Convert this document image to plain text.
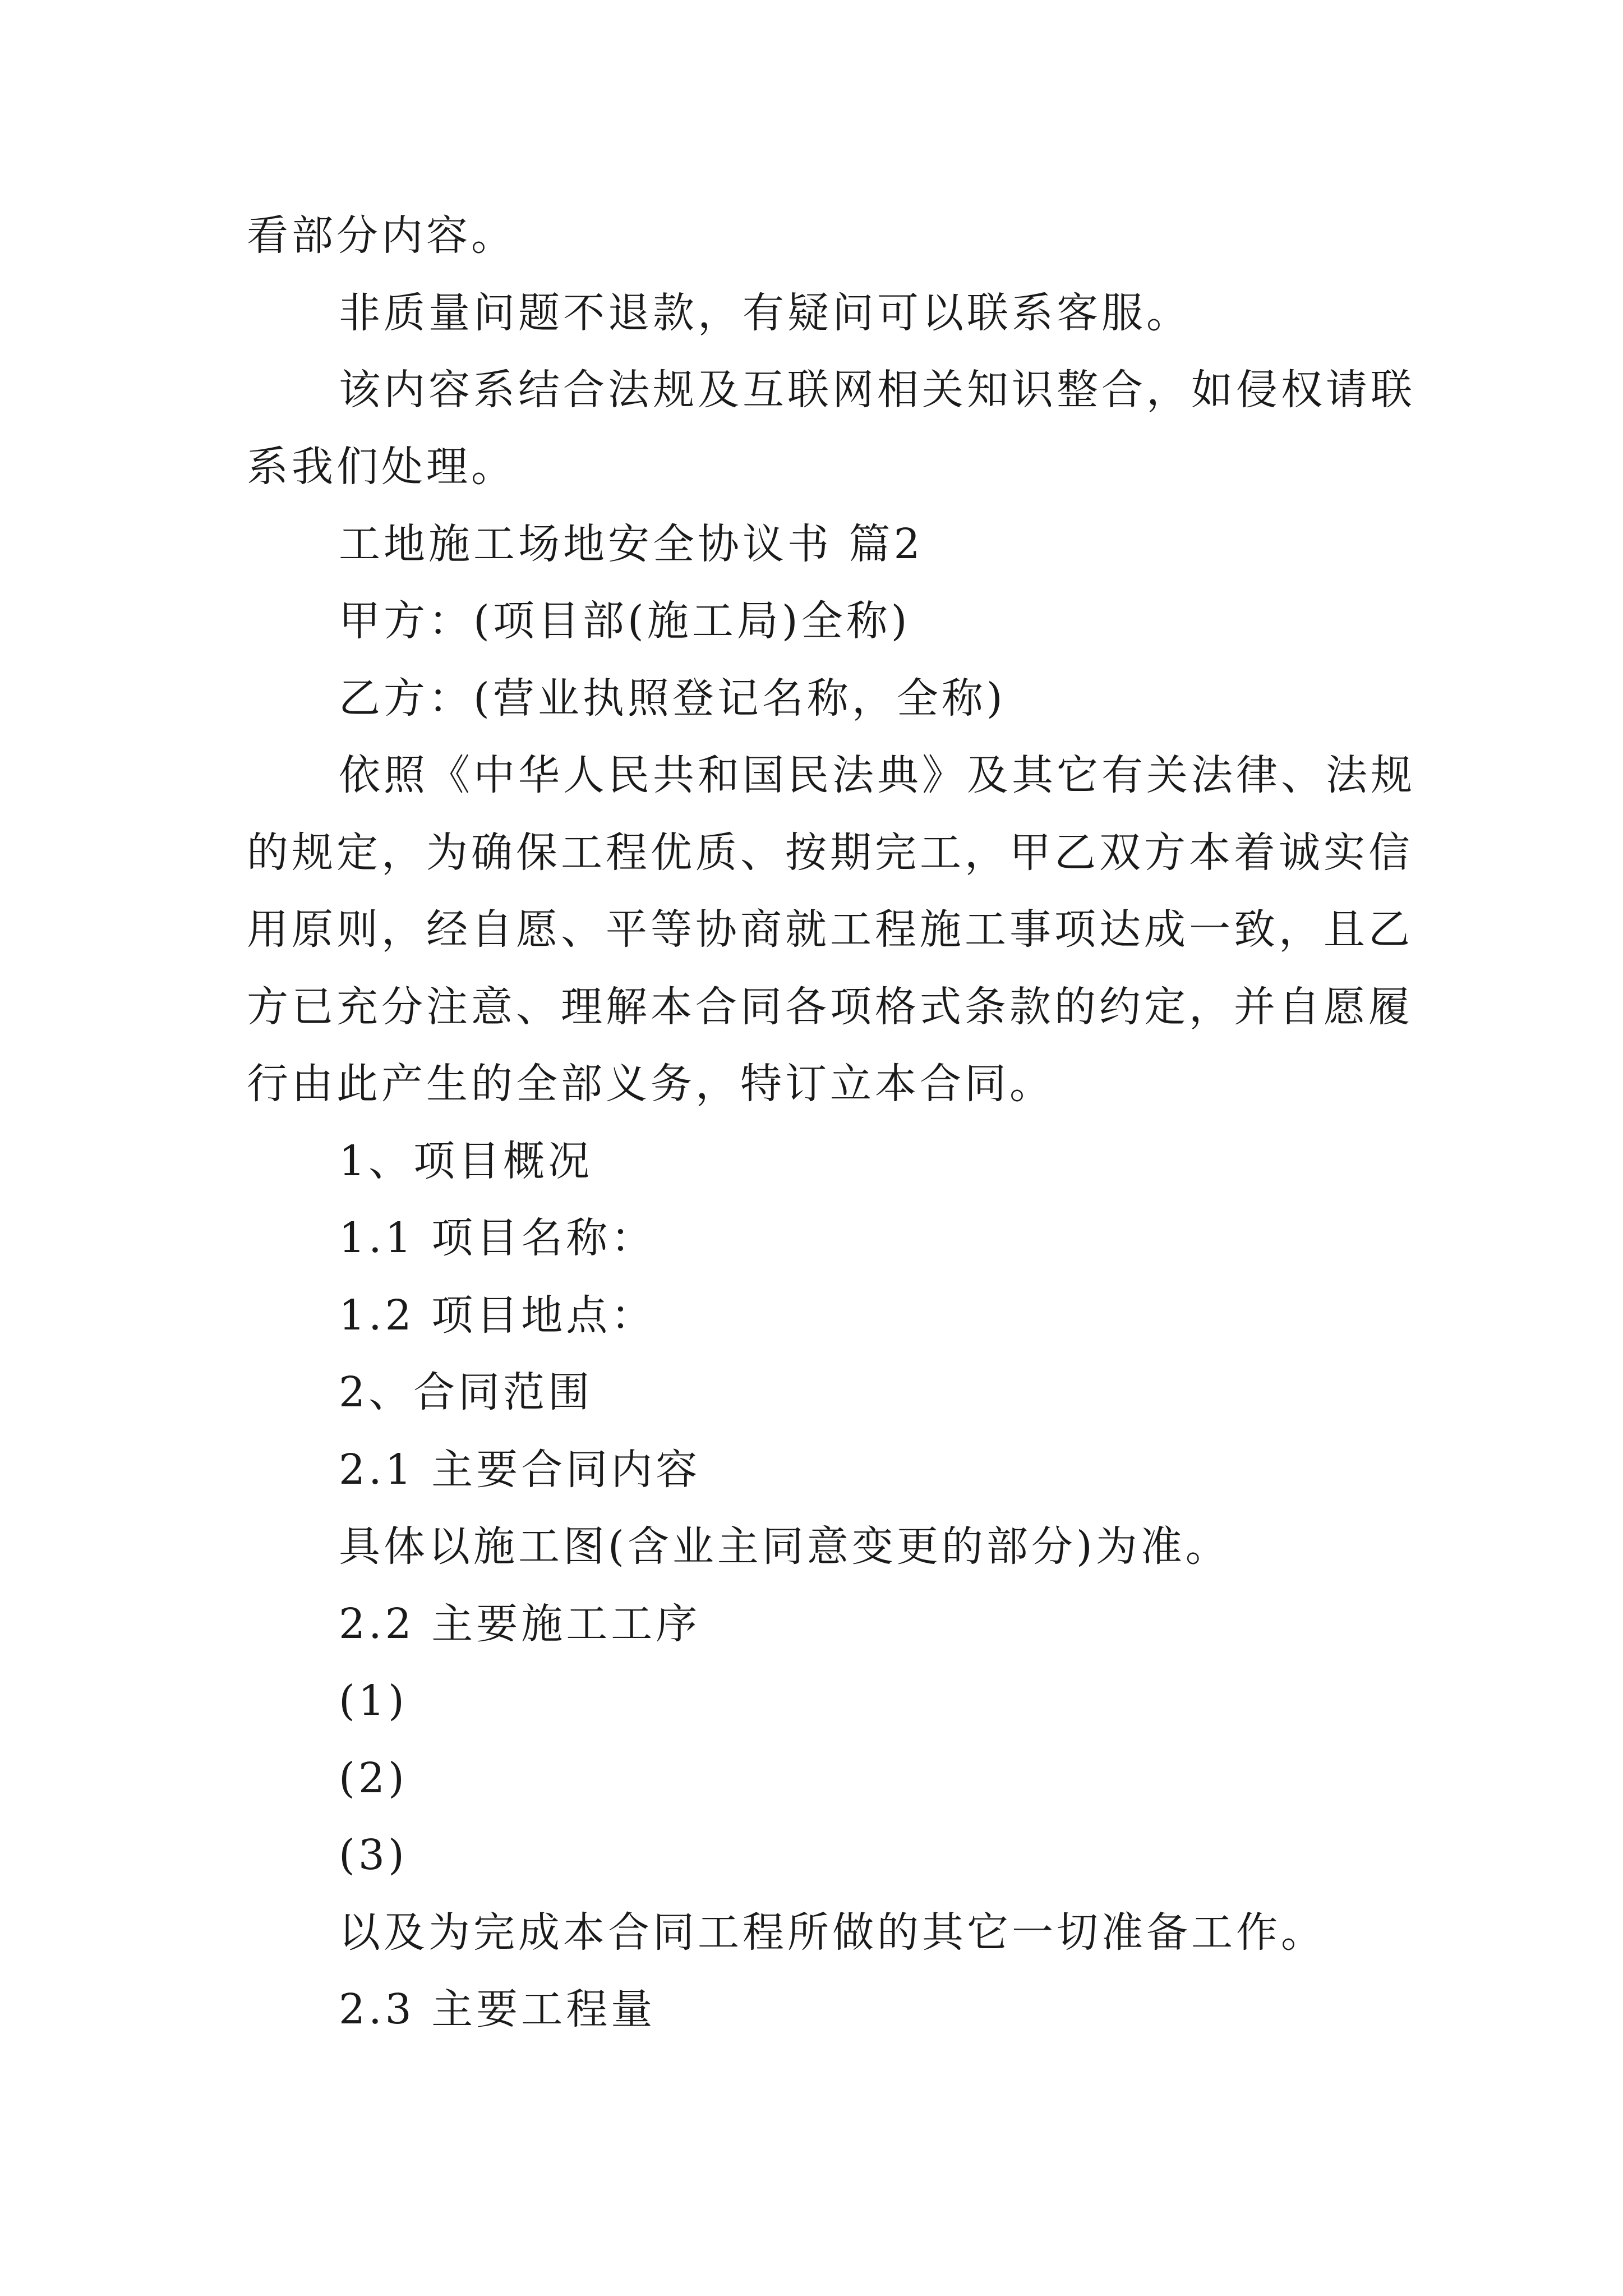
看部分内容。
非质量问题不退款，有疑问可以联系客服。
该内容系结合法规及互联网相关知识整合，如侵权请联
系我们处理。
工地施工场地安全协议书 篇2
甲方：(项目部(施工局)全称)
乙方：(营业执照登记名称，全称)
依照《中华人民共和国民法典》及其它有关法律、法规
的规定，为确保工程优质、按期完工，甲乙双方本着诚实信
用原则，经自愿、平等协商就工程施工事项达成一致，且乙
方已充分注意、理解本合同各项格式条款的约定，并自愿履
行由此产生的全部义务，特订立本合同。
1、项目概况
1.1 项目名称：
1.2 项目地点：
2、合同范围
2.1 主要合同内容
具体以施工图(含业主同意变更的部分)为准。
2.2 主要施工工序
(1)
(2)
(3)
以及为完成本合同工程所做的其它一切准备工作。
2.3 主要工程量
